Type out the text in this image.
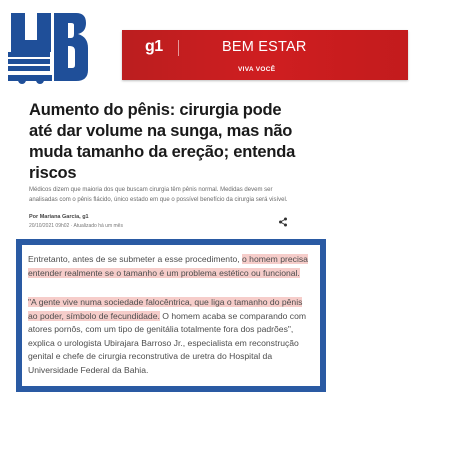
g1	BEM ESTAR
VIVA VOCÊ
Aumento do pênis: cirurgia pode até dar volume na sunga, mas não muda tamanho da ereção; entenda riscos
Médicos dizem que maioria dos que buscam cirurgia têm pênis normal. Medidas devem ser analisadas com o pênis flácido, único estado em que o possível benefício da cirurgia será visível.
Por Mariana Garcia, g1
20/10/2021 09h02 · Atualizado há um mês
Entretanto, antes de se submeter a esse procedimento, o homem precisa entender realmente se o tamanho é um problema estético ou funcional.
"A gente vive numa sociedade falocêntrica, que liga o tamanho do pênis ao poder, símbolo de fecundidade. O homem acaba se comparando com atores pornôs, com um tipo de genitália totalmente fora dos padrões", explica o urologista Ubirajara Barroso Jr., especialista em reconstrução genital e chefe de cirurgia reconstrutiva de uretra do Hospital da Universidade Federal da Bahia.
